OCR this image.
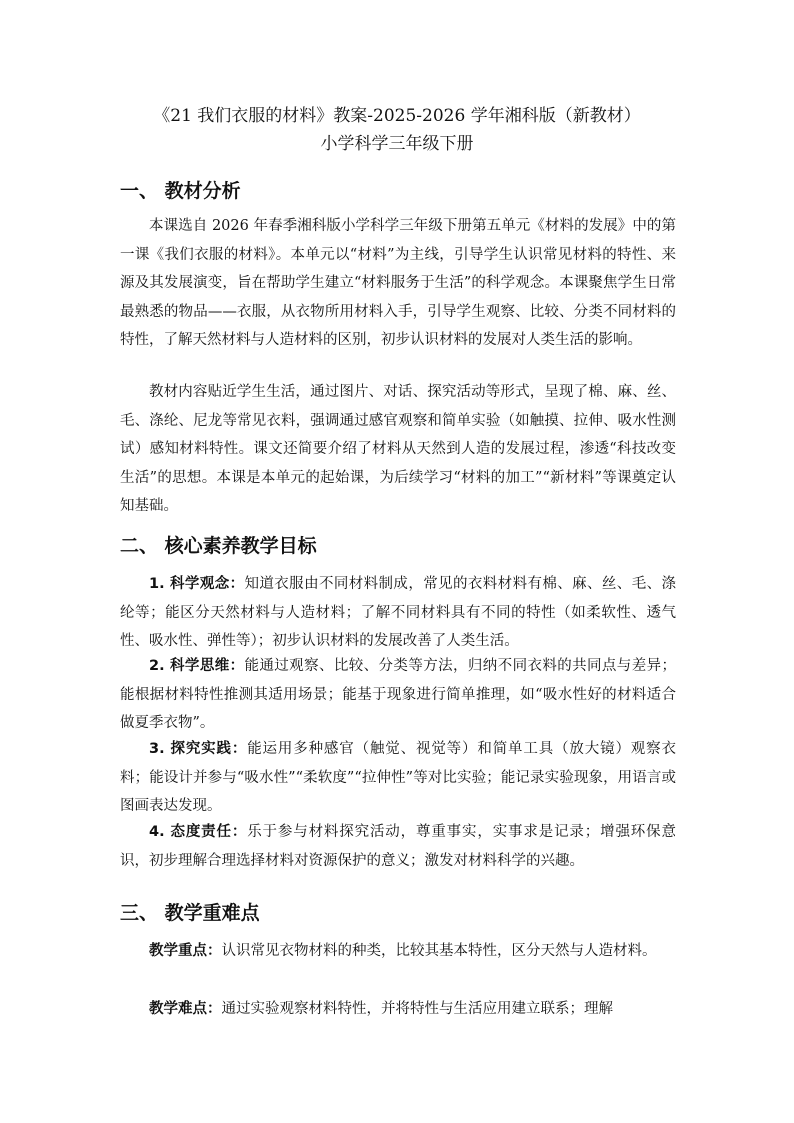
《21 我们衣服的材料》教案-2025-2026 学年湘科版（新教材）
小学科学三年级下册
一、 教材分析

本课选自 2026 年春季湘科版小学科学三年级下册第五单元《材料的发展》中的第一课《我们衣服的材料》。本单元以“材料”为主线，引导学生认识常见材料的特性、来源及其发展演变，旨在帮助学生建立“材料服务于生活”的科学观念。本课聚焦学生日常最熟悉的物品——衣服，从衣物所用材料入手，引导学生观察、比较、分类不同材料的特性，了解天然材料与人造材料的区别，初步认识材料的发展对人类生活的影响。

教材内容贴近学生生活，通过图片、对话、探究活动等形式，呈现了棉、麻、丝、毛、涤纶、尼龙等常见衣料，强调通过感官观察和简单实验（如触摸、拉伸、吸水性测试）感知材料特性。课文还简要介绍了材料从天然到人造的发展过程，渗透“科技改变生活”的思想。本课是本单元的起始课，为后续学习“材料的加工”“新材料”等课奠定认知基础。

二、 核心素养教学目标

1. 科学观念：知道衣服由不同材料制成，常见的衣料材料有棉、麻、丝、毛、涤纶等；能区分天然材料与人造材料；了解不同材料具有不同的特性（如柔软性、透气性、吸水性、弹性等）；初步认识材料的发展改善了人类生活。

2. 科学思维：能通过观察、比较、分类等方法，归纳不同衣料的共同点与差异；能根据材料特性推测其适用场景；能基于现象进行简单推理，如“吸水性好的材料适合做夏季衣物”。

3. 探究实践：能运用多种感官（触觉、视觉等）和简单工具（放大镜）观察衣料；能设计并参与“吸水性”“柔软度”“拉伸性”等对比实验；能记录实验现象，用语言或图画表达发现。

4. 态度责任：乐于参与材料探究活动，尊重事实，实事求是记录；增强环保意识，初步理解合理选择材料对资源保护的意义；激发对材料科学的兴趣。

三、 教学重难点

教学重点：认识常见衣物材料的种类，比较其基本特性，区分天然与人造材料。

教学难点：通过实验观察材料特性，并将特性与生活应用建立联系；理解
